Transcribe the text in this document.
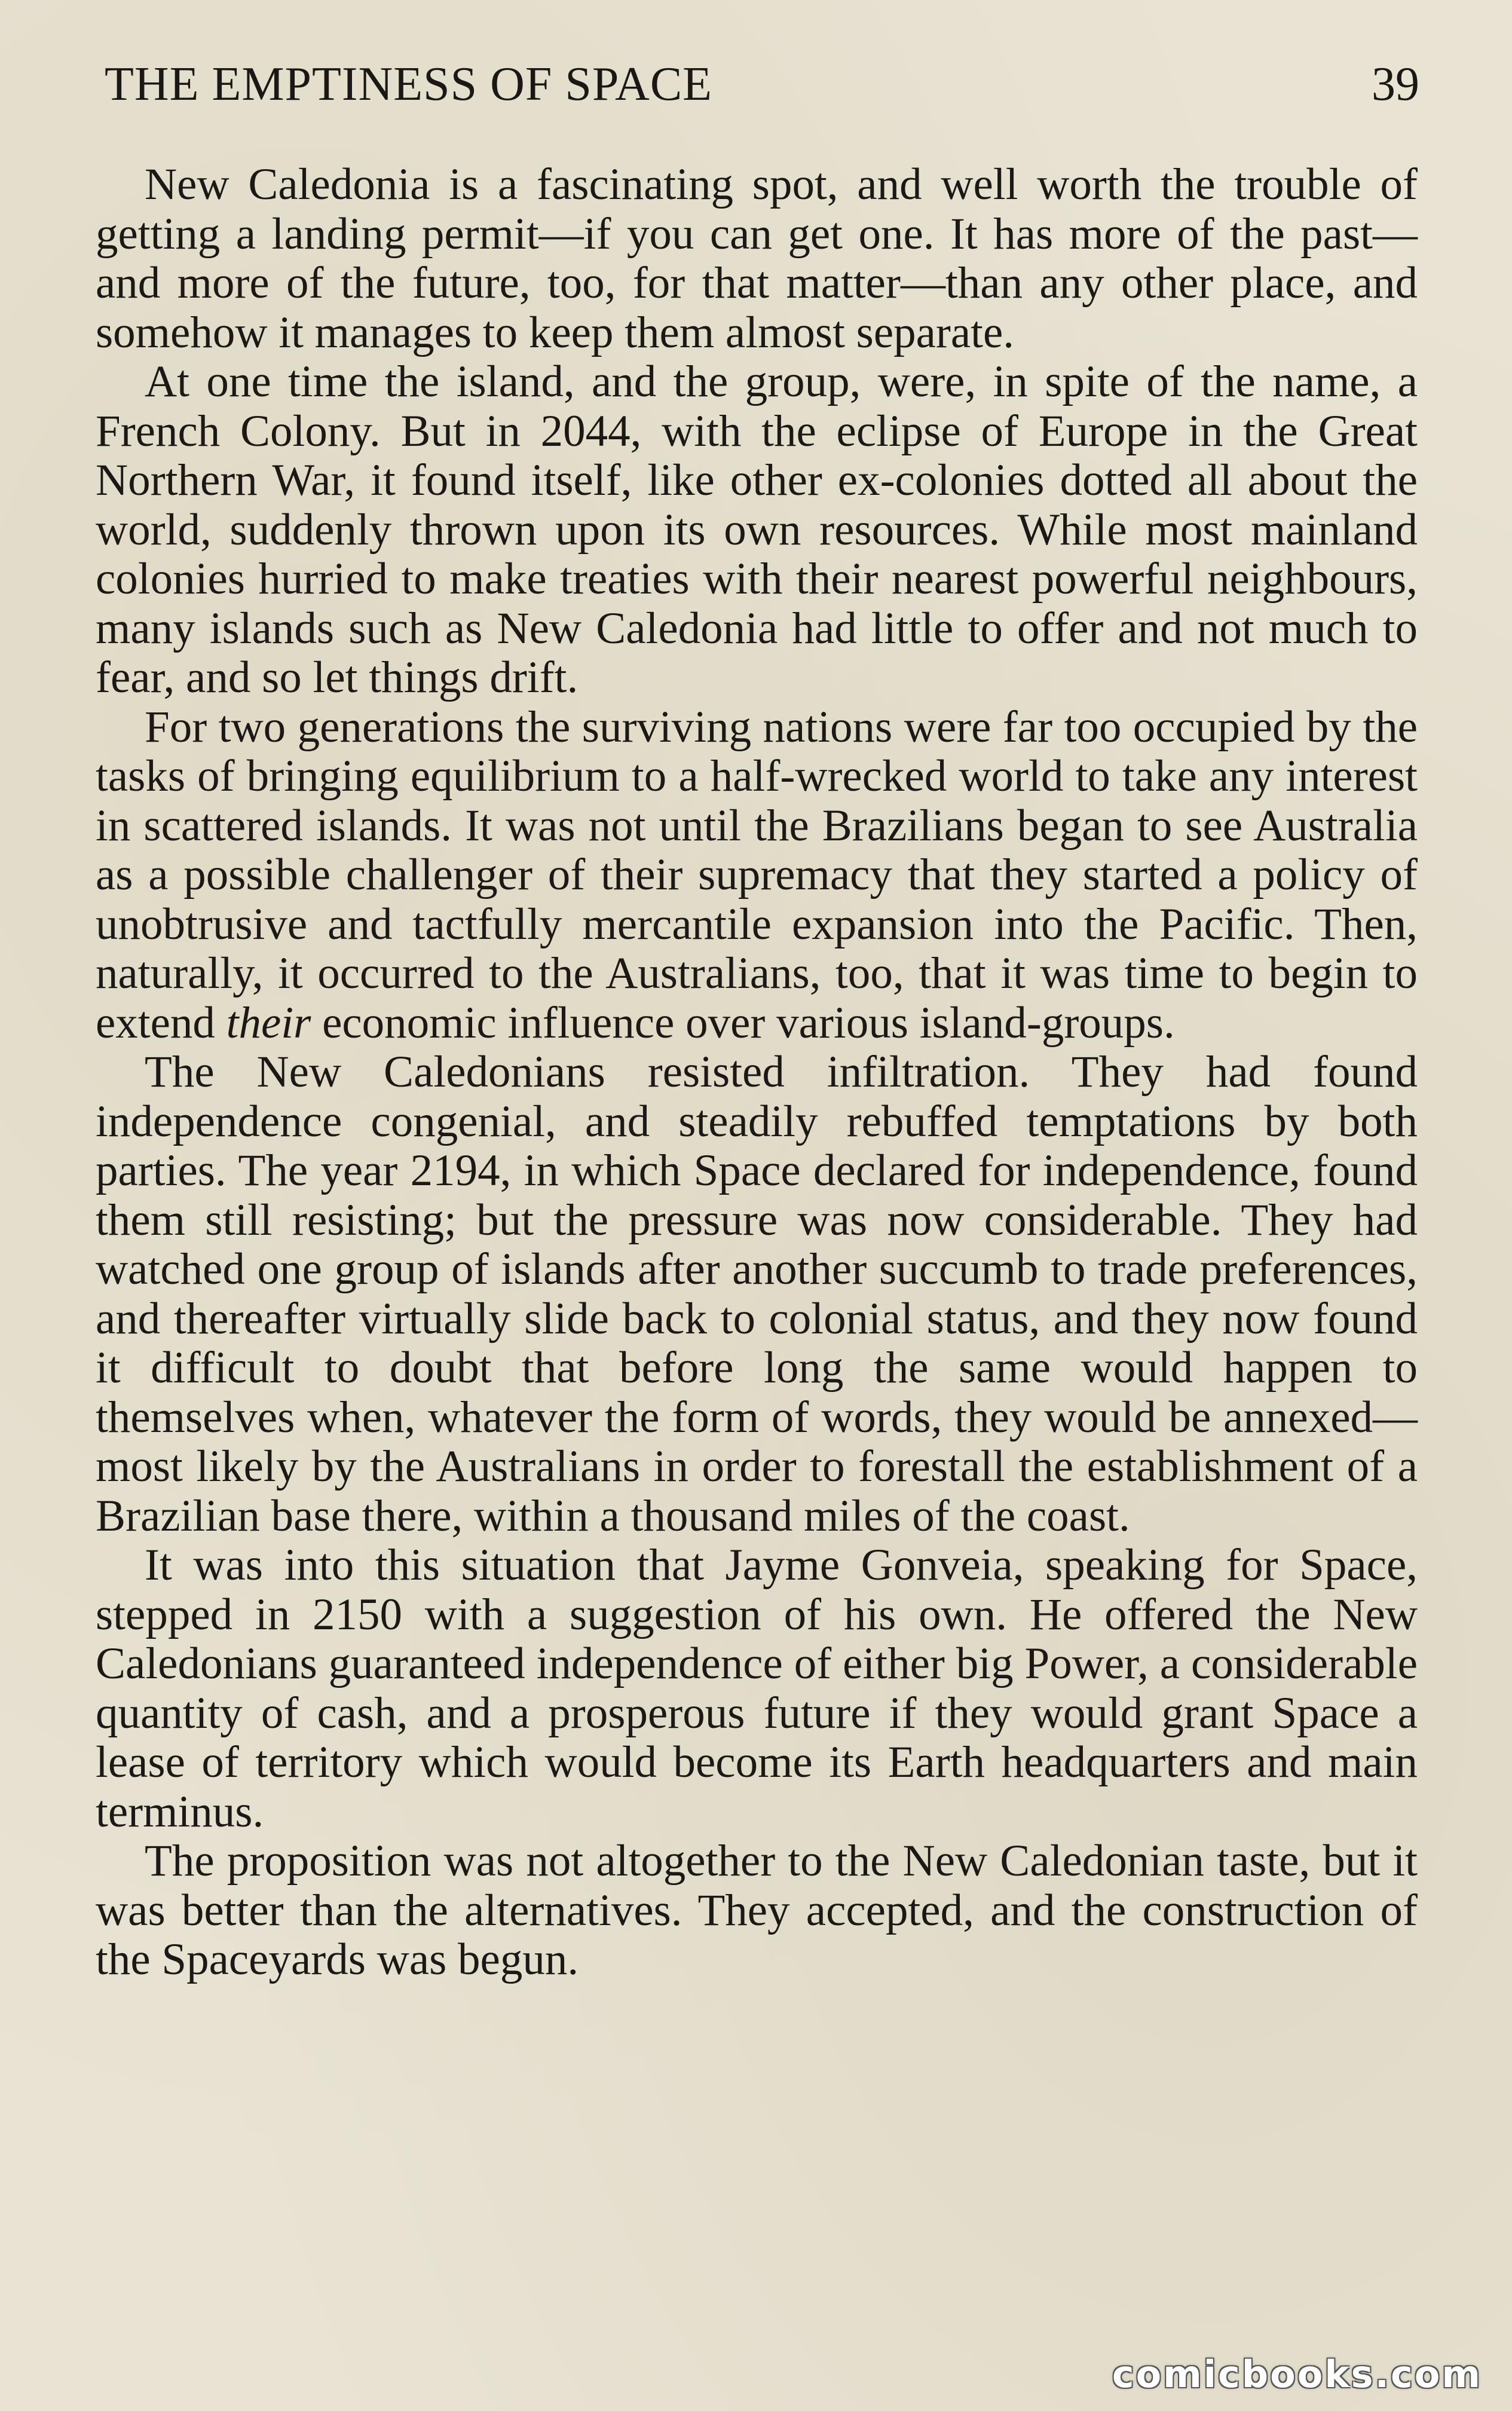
THE EMPTINESS OF SPACE	39

New Caledonia is a fascinating spot, and well worth the trouble of getting a landing permit—if you can get one. It has more of the past—and more of the future, too, for that matter—than any other place, and somehow it manages to keep them almost separate.

At one time the island, and the group, were, in spite of the name, a French Colony. But in 2044, with the eclipse of Europe in the Great Northern War, it found itself, like other ex-colonies dotted all about the world, suddenly thrown upon its own resources. While most mainland colonies hurried to make treaties with their nearest powerful neighbours, many islands such as New Caledonia had little to offer and not much to fear, and so let things drift.

For two generations the surviving nations were far too occupied by the tasks of bringing equilibrium to a half-wrecked world to take any interest in scattered islands. It was not until the Brazilians began to see Australia as a possible challenger of their supremacy that they started a policy of unobtrusive and tactfully mercantile expansion into the Pacific. Then, naturally, it occurred to the Australians, too, that it was time to begin to extend their economic influence over various island-groups.

The New Caledonians resisted infiltration. They had found independence congenial, and steadily rebuffed temptations by both parties. The year 2194, in which Space declared for independence, found them still resisting; but the pressure was now considerable. They had watched one group of islands after another succumb to trade preferences, and thereafter virtually slide back to colonial status, and they now found it difficult to doubt that before long the same would happen to themselves when, whatever the form of words, they would be annexed—most likely by the Australians in order to forestall the establishment of a Brazilian base there, within a thousand miles of the coast.

It was into this situation that Jayme Gonveia, speaking for Space, stepped in 2150 with a suggestion of his own. He offered the New Caledonians guaranteed independence of either big Power, a considerable quantity of cash, and a prosperous future if they would grant Space a lease of territory which would become its Earth headquarters and main terminus.

The proposition was not altogether to the New Caledonian taste, but it was better than the alternatives. They accepted, and the construction of the Spaceyards was begun.

comicbooks.com
